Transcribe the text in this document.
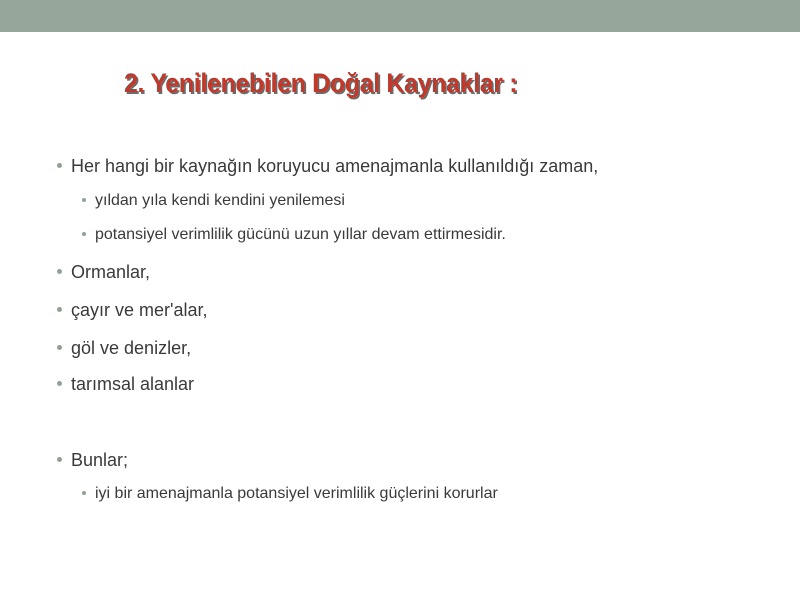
2. Yenilenebilen Doğal Kaynaklar :
Her hangi bir kaynağın koruyucu amenajmanla kullanıldığı zaman,
yıldan yıla kendi kendini yenilemesi
potansiyel verimlilik gücünü uzun yıllar devam ettirmesidir.
Ormanlar,
çayır ve mer'alar,
göl ve denizler,
tarımsal alanlar
Bunlar;
iyi bir amenajmanla potansiyel verimlilik güçlerini korurlar
